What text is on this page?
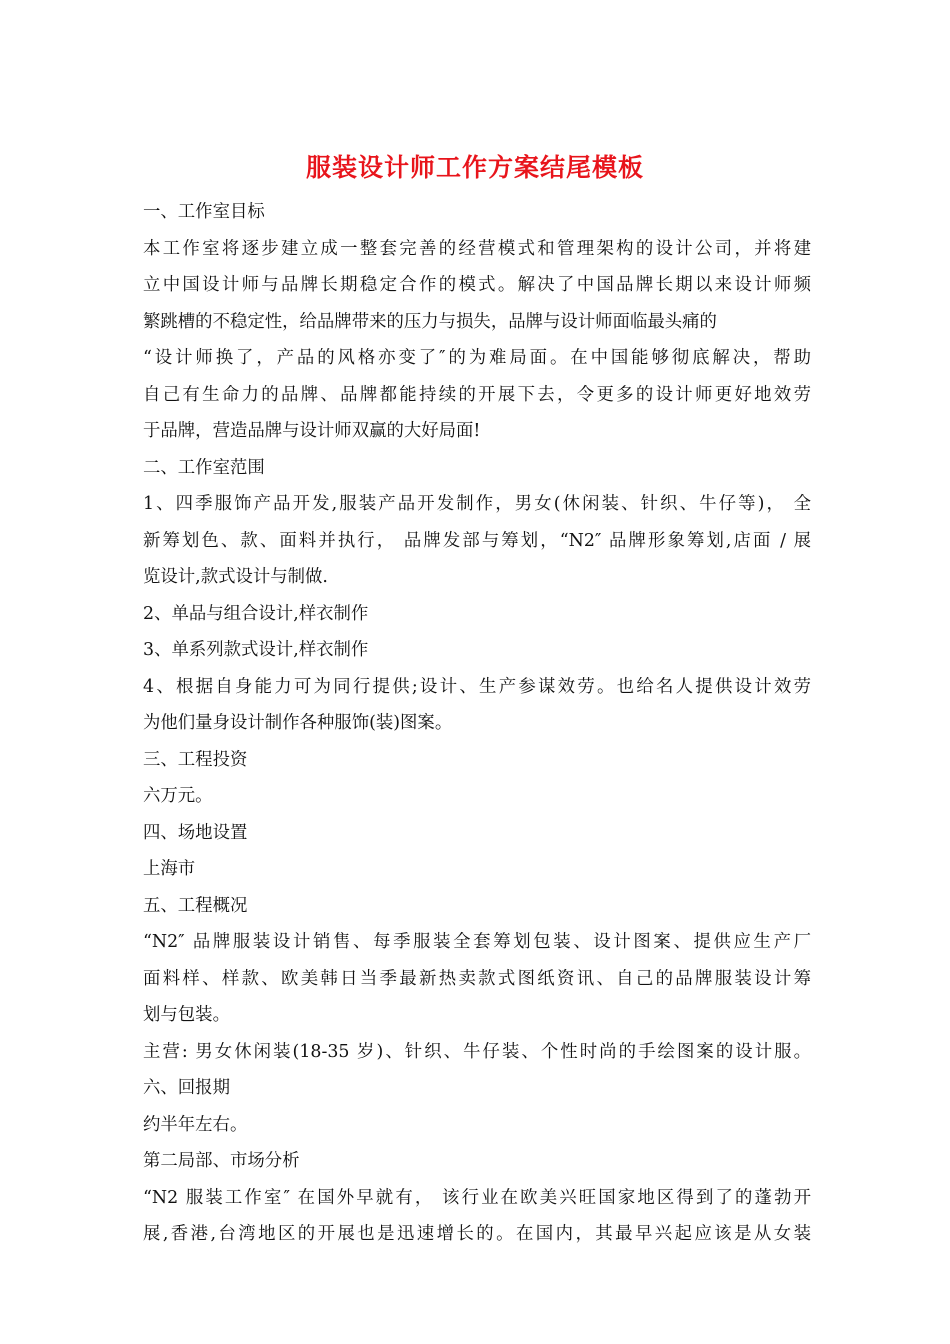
服装设计师工作方案结尾模板
一、工作室目标
本工作室将逐步建立成一整套完善的经营模式和管理架构的设计公司，并将建
立中国设计师与品牌长期稳定合作的模式。解决了中国品牌长期以来设计师频
繁跳槽的不稳定性，给品牌带来的压力与损失，品牌与设计师面临最头痛的
“设计师换了，产品的风格亦变了″的为难局面。在中国能够彻底解决，帮助
自己有生命力的品牌、品牌都能持续的开展下去，令更多的设计师更好地效劳
于品牌，营造品牌与设计师双赢的大好局面!
二、工作室范围
1、四季服饰产品开发,服装产品开发制作，男女(休闲装、针织、牛仔等)， 全
新筹划色、款、面料并执行， 品牌发部与筹划，“N2″ 品牌形象筹划,店面 / 展
览设计,款式设计与制做.
2、单品与组合设计,样衣制作
3、单系列款式设计,样衣制作
4、根据自身能力可为同行提供;设计、生产参谋效劳。也给名人提供设计效劳
为他们量身设计制作各种服饰(装)图案。
三、工程投资
六万元。
四、场地设置
上海市
五、工程概况
“N2″ 品牌服装设计销售、每季服装全套筹划包装、设计图案、提供应生产厂
面料样、样款、欧美韩日当季最新热卖款式图纸资讯、自己的品牌服装设计筹
划与包装。
主营: 男女休闲装(18-35 岁)、针织、牛仔装、个性时尚的手绘图案的设计服。
六、回报期
约半年左右。
第二局部、市场分析
“N2 服装工作室″ 在国外早就有， 该行业在欧美兴旺国家地区得到了的蓬勃开
展,香港,台湾地区的开展也是迅速增长的。在国内，其最早兴起应该是从女装
